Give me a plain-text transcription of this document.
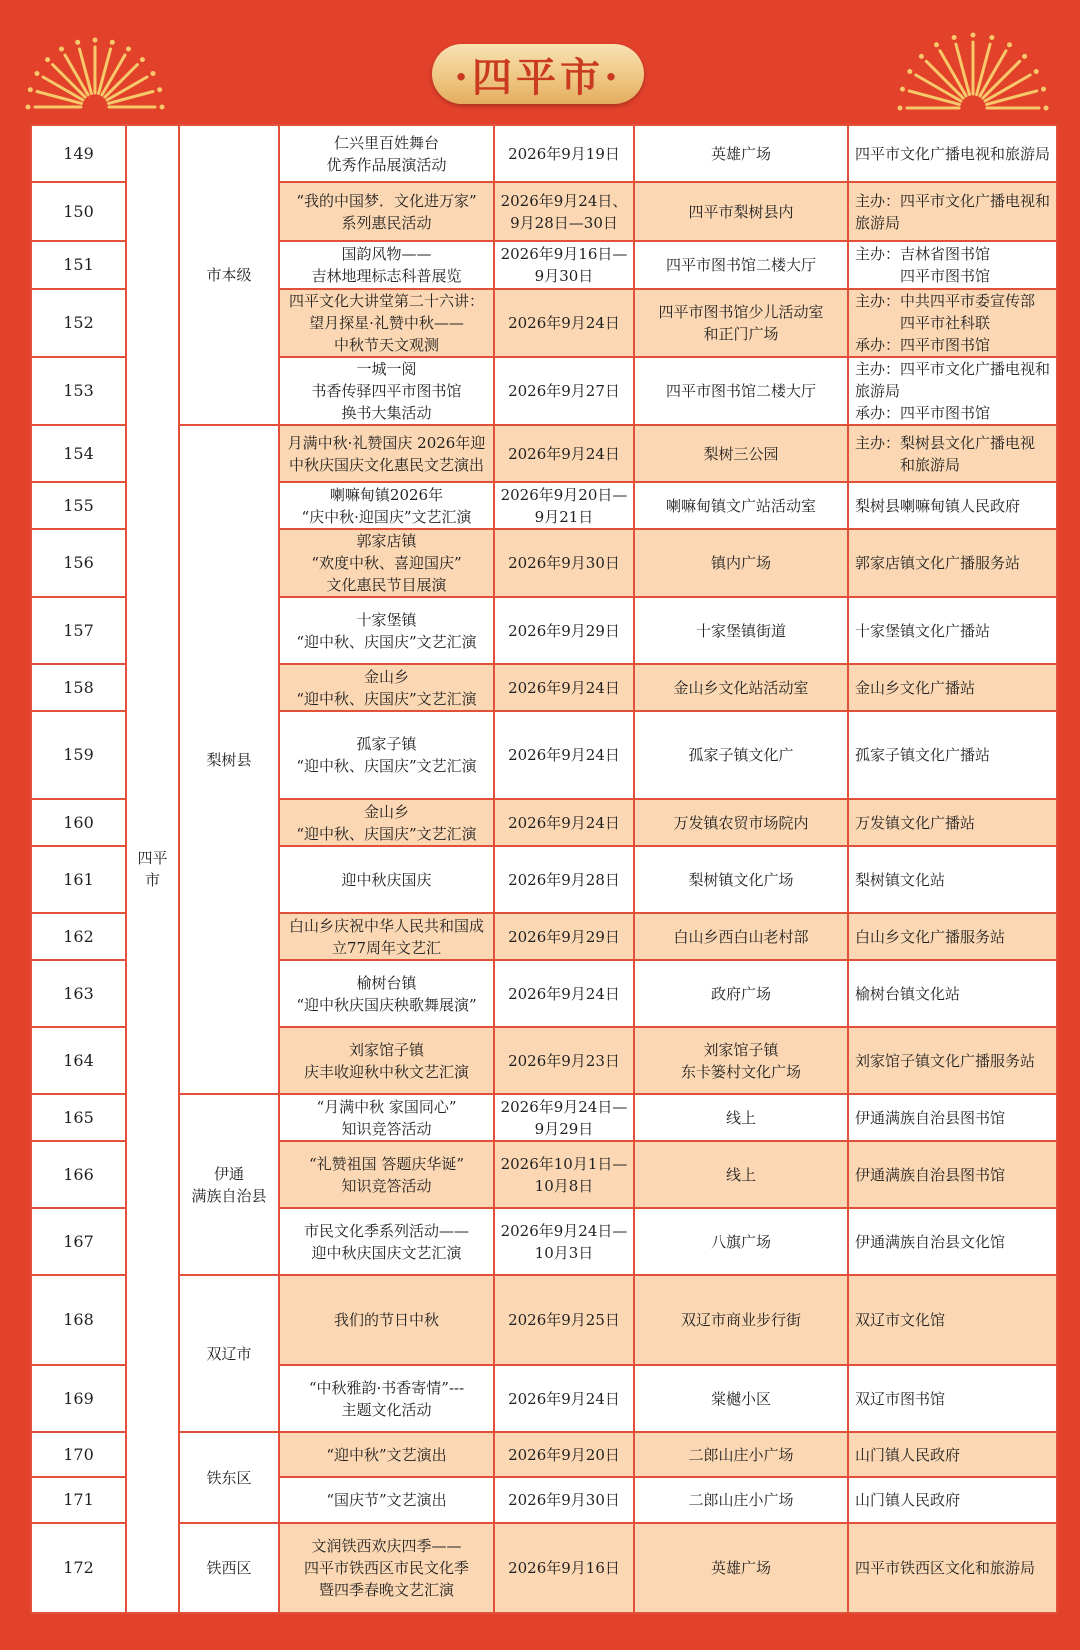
·四平市·
149	四平市	市本级	仁兴里百姓舞台
优秀作品展演活动	2026年9月19日	英雄广场	四平市文化广播电视和旅游局
150			“我的中国梦．文化进万家”
系列惠民活动	2026年9月24日、
9月28日—30日	四平市梨树县内	主办：四平市文化广播电视和
旅游局
151			国韵风物——
吉林地理标志科普展览	2026年9月16日—
9月30日	四平市图书馆二楼大厅	主办：吉林省图书馆
　　　四平市图书馆
152			四平文化大讲堂第二十六讲：
望月探星·礼赞中秋——
中秋节天文观测	2026年9月24日	四平市图书馆少儿活动室
和正门广场	主办：中共四平市委宣传部
　　　四平市社科联
承办：四平市图书馆
153			一城一阅
书香传驿四平市图书馆
换书大集活动	2026年9月27日	四平市图书馆二楼大厅	主办：四平市文化广播电视和
旅游局
承办：四平市图书馆
154		梨树县	月满中秋·礼赞国庆 2026年迎
中秋庆国庆文化惠民文艺演出	2026年9月24日	梨树三公园	主办：梨树县文化广播电视
　　　和旅游局
155			喇嘛甸镇2026年
“庆中秋·迎国庆”文艺汇演	2026年9月20日—
9月21日	喇嘛甸镇文广站活动室	梨树县喇嘛甸镇人民政府
156			郭家店镇
“欢度中秋、喜迎国庆”
文化惠民节目展演	2026年9月30日	镇内广场	郭家店镇文化广播服务站
157			十家堡镇
“迎中秋、庆国庆”文艺汇演	2026年9月29日	十家堡镇街道	十家堡镇文化广播站
158			金山乡
“迎中秋、庆国庆”文艺汇演	2026年9月24日	金山乡文化站活动室	金山乡文化广播站
159			孤家子镇
“迎中秋、庆国庆”文艺汇演	2026年9月24日	孤家子镇文化广	孤家子镇文化广播站
160			金山乡
“迎中秋、庆国庆”文艺汇演	2026年9月24日	万发镇农贸市场院内	万发镇文化广播站
161			迎中秋庆国庆	2026年9月28日	梨树镇文化广场	梨树镇文化站
162			白山乡庆祝中华人民共和国成
立77周年文艺汇	2026年9月29日	白山乡西白山老村部	白山乡文化广播服务站
163			榆树台镇
“迎中秋庆国庆秧歌舞展演”	2026年9月24日	政府广场	榆树台镇文化站
164			刘家馆子镇
庆丰收迎秋中秋文艺汇演	2026年9月23日	刘家馆子镇
东卡篓村文化广场	刘家馆子镇文化广播服务站
165		伊通
满族自治县	“月满中秋 家国同心”
知识竞答活动	2026年9月24日—
9月29日	线上	伊通满族自治县图书馆
166			“礼赞祖国 答题庆华诞”
知识竞答活动	2026年10月1日—
10月8日	线上	伊通满族自治县图书馆
167			市民文化季系列活动——
迎中秋庆国庆文艺汇演	2026年9月24日—
10月3日	八旗广场	伊通满族自治县文化馆
168		双辽市	我们的节日中秋	2026年9月25日	双辽市商业步行街	双辽市文化馆
169			“中秋雅韵·书香寄情”---
主题文化活动	2026年9月24日	棠樾小区	双辽市图书馆
170		铁东区	“迎中秋”文艺演出	2026年9月20日	二郎山庄小广场	山门镇人民政府
171			“国庆节”文艺演出	2026年9月30日	二郎山庄小广场	山门镇人民政府
172		铁西区	文润铁西欢庆四季——
四平市铁西区市民文化季
暨四季春晚文艺汇演	2026年9月16日	英雄广场	四平市铁西区文化和旅游局
